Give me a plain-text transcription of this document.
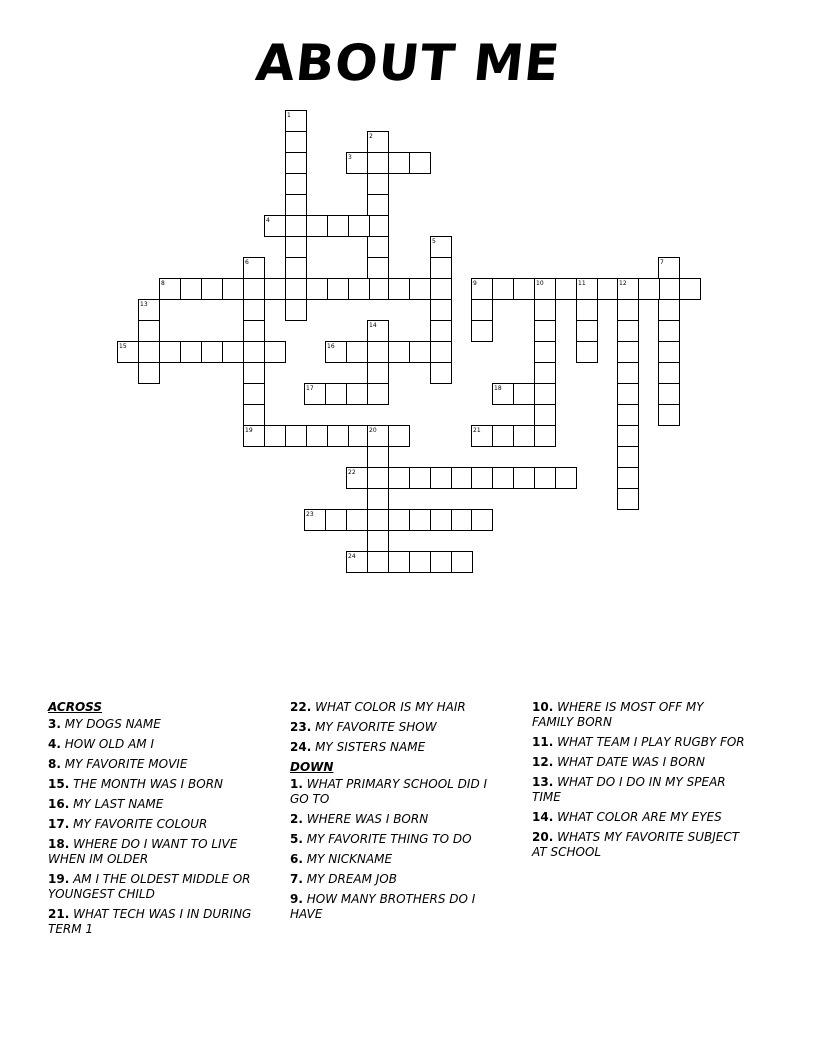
ABOUT ME
1
2
3
4
5
6	7
8	9	10	11	12
13
14
15	16
17	18
19	20	21
22
23
24
ACROSS
3. MY DOGS NAME
4. HOW OLD AM I
8. MY FAVORITE MOVIE
15. THE MONTH WAS I BORN
16. MY LAST NAME
17. MY FAVORITE COLOUR
18. WHERE DO I WANT TO LIVE WHEN IM OLDER
19. AM I THE OLDEST MIDDLE OR YOUNGEST CHILD
21. WHAT TECH WAS I IN DURING TERM 1
22. WHAT COLOR IS MY HAIR
23. MY FAVORITE SHOW
24. MY SISTERS NAME
DOWN
1. WHAT PRIMARY SCHOOL DID I GO TO
2. WHERE WAS I BORN
5. MY FAVORITE THING TO DO
6. MY NICKNAME
7. MY DREAM JOB
9. HOW MANY BROTHERS DO I HAVE
10. WHERE IS MOST OFF MY FAMILY BORN
11. WHAT TEAM I PLAY RUGBY FOR
12. WHAT DATE WAS I BORN
13. WHAT DO I DO IN MY SPEAR TIME
14. WHAT COLOR ARE MY EYES
20. WHATS MY FAVORITE SUBJECT AT SCHOOL
